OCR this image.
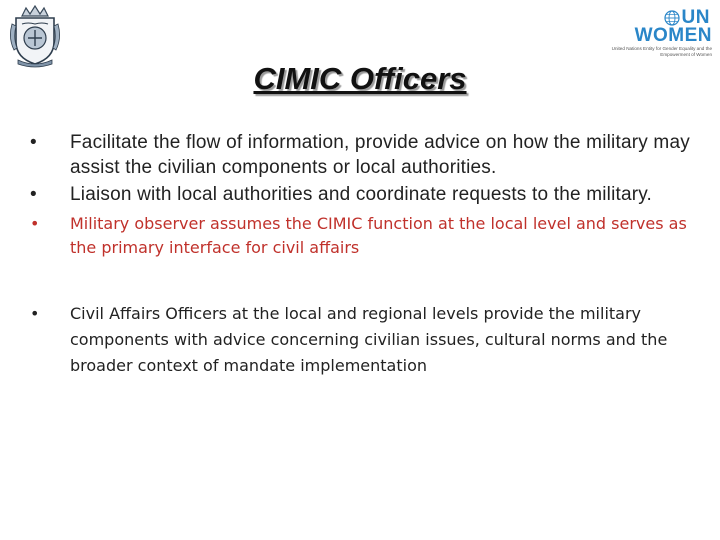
UN
WOMEN
United Nations Entity for Gender Equality and the Empowerment of Women
CIMIC Officers
• Facilitate the flow of information, provide advice on how the military may assist the civilian components or local authorities.
• Liaison with local authorities and coordinate requests to the military.
• Military observer assumes the CIMIC function at the local level and serves as the primary interface for civil affairs
• Civil Affairs Officers at the local and regional levels provide the military components with advice concerning civilian issues, cultural norms and the broader context of mandate implementation
